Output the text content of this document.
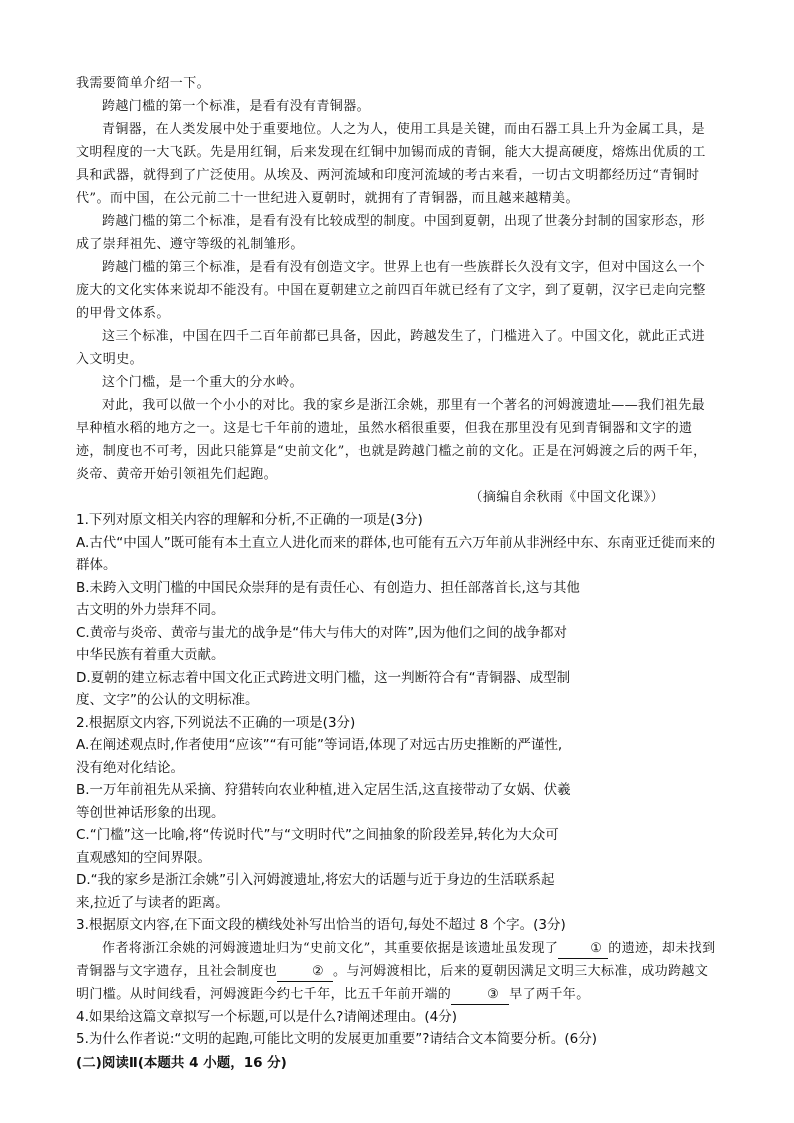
我需要简单介绍一下。

跨越门槛的第一个标准，是看有没有青铜器。

青铜器，在人类发展中处于重要地位。人之为人，使用工具是关键，而由石器工具上升为金属工具，是文明程度的一大飞跃。先是用红铜，后来发现在红铜中加锡而成的青铜，能大大提高硬度，熔炼出优质的工具和武器，就得到了广泛使用。从埃及、两河流域和印度河流域的考古来看，一切古文明都经历过“青铜时代”。而中国，在公元前二十一世纪进入夏朝时，就拥有了青铜器，而且越来越精美。

跨越门槛的第二个标准，是看有没有比较成型的制度。中国到夏朝，出现了世袭分封制的国家形态，形成了崇拜祖先、遵守等级的礼制雏形。

跨越门槛的第三个标准，是看有没有创造文字。世界上也有一些族群长久没有文字，但对中国这么一个庞大的文化实体来说却不能没有。中国在夏朝建立之前四百年就已经有了文字，到了夏朝，汉字已走向完整的甲骨文体系。

这三个标准，中国在四千二百年前都已具备，因此，跨越发生了，门槛进入了。中国文化，就此正式进入文明史。

这个门槛，是一个重大的分水岭。

对此，我可以做一个小小的对比。我的家乡是浙江余姚，那里有一个著名的河姆渡遗址——我们祖先最早种植水稻的地方之一。这是七千年前的遗址，虽然水稻很重要，但我在那里没有见到青铜器和文字的遗迹，制度也不可考，因此只能算是“史前文化”，也就是跨越门槛之前的文化。正是在河姆渡之后的两千年，炎帝、黄帝开始引领祖先们起跑。

（摘编自余秋雨《中国文化课》）

1.下列对原文相关内容的理解和分析,不正确的一项是(3分)

A.古代“中国人”既可能有本土直立人进化而来的群体,也可能有五六万年前从非洲经中东、东南亚迁徙而来的群体。

B.未跨入文明门槛的中国民众崇拜的是有责任心、有创造力、担任部落首长,这与其他

古文明的外力崇拜不同。

C.黄帝与炎帝、黄帝与蚩尤的战争是“伟大与伟大的对阵”,因为他们之间的战争都对

中华民族有着重大贡献。

D.夏朝的建立标志着中国文化正式跨进文明门槛，这一判断符合有“青铜器、成型制

度、文字”的公认的文明标准。

2.根据原文内容,下列说法不正确的一项是(3分)

A.在阐述观点时,作者使用“应该”“有可能”等词语,体现了对远古历史推断的严谨性,

没有绝对化结论。

B.一万年前祖先从采摘、狩猎转向农业种植,进入定居生活,这直接带动了女娲、伏羲

等创世神话形象的出现。

C.“门槛”这一比喻,将“传说时代”与“文明时代”之间抽象的阶段差异,转化为大众可

直观感知的空间界限。

D.“我的家乡是浙江余姚”引入河姆渡遗址,将宏大的话题与近于身边的生活联系起

来,拉近了与读者的距离。

3.根据原文内容,在下面文段的横线处补写出恰当的语句,每处不超过 8 个字。(3分)

作者将浙江余姚的河姆渡遗址归为“史前文化”，其重要依据是该遗址虽发现了 ① 的遗迹，却未找到青铜器与文字遗存，且社会制度也	② 。与河姆渡相比，后来的夏朝因满足文明三大标准，成功跨越文明门槛。从时间线看，河姆渡距今约七千年，比五千年前开端的	③ 早了两千年。

4.如果给这篇文章拟写一个标题,可以是什么?请阐述理由。(4分)

5.为什么作者说:“文明的起跑,可能比文明的发展更加重要”?请结合文本简要分析。(6分)

(二)阅读Ⅱ(本题共 4 小题，16 分)
